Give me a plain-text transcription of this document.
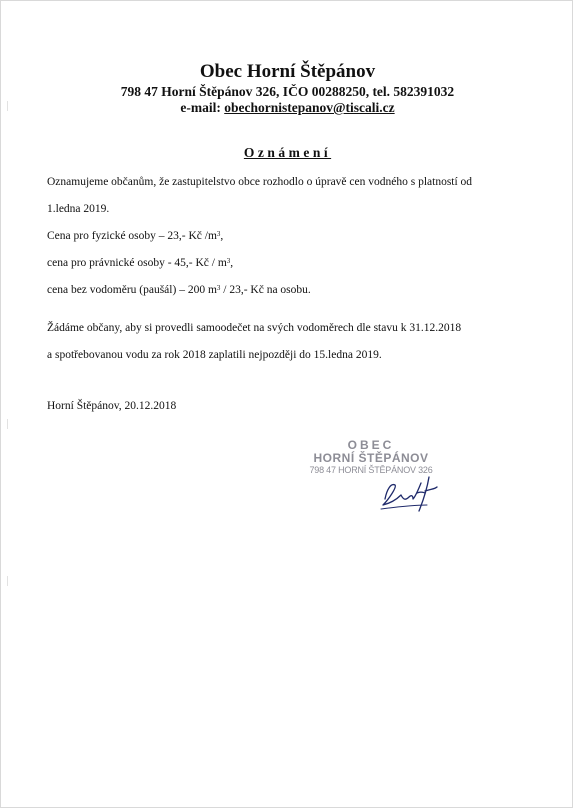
Obec Horní Štěpánov
798 47 Horní Štěpánov 326, IČO 00288250, tel. 582391032
e-mail: obechornistepanov@tiscali.cz
Oznámení
Oznamujeme občanům, že zastupitelstvo obce rozhodlo o úpravě cen vodného s platností od
1.ledna 2019.
Cena pro fyzické osoby – 23,- Kč $/m^3$,
cena pro právnické osoby - 45,- Kč / $m^3$,
cena bez vodoměru (paušál) – 200 $m^3 / 23,-$ Kč na osobu.
Žádáme občany, aby si provedli samoodečet na svých vodoměrech dle stavu k 31.12.2018
a spotřebovanou vodu za rok 2018 zaplatili nejpozději do 15.ledna 2019.
Horní Štěpánov, 20.12.2018
OBEC
HORNÍ ŠTĚPÁNOV
798 47 HORNÍ ŠTĚPÁNOV 326
